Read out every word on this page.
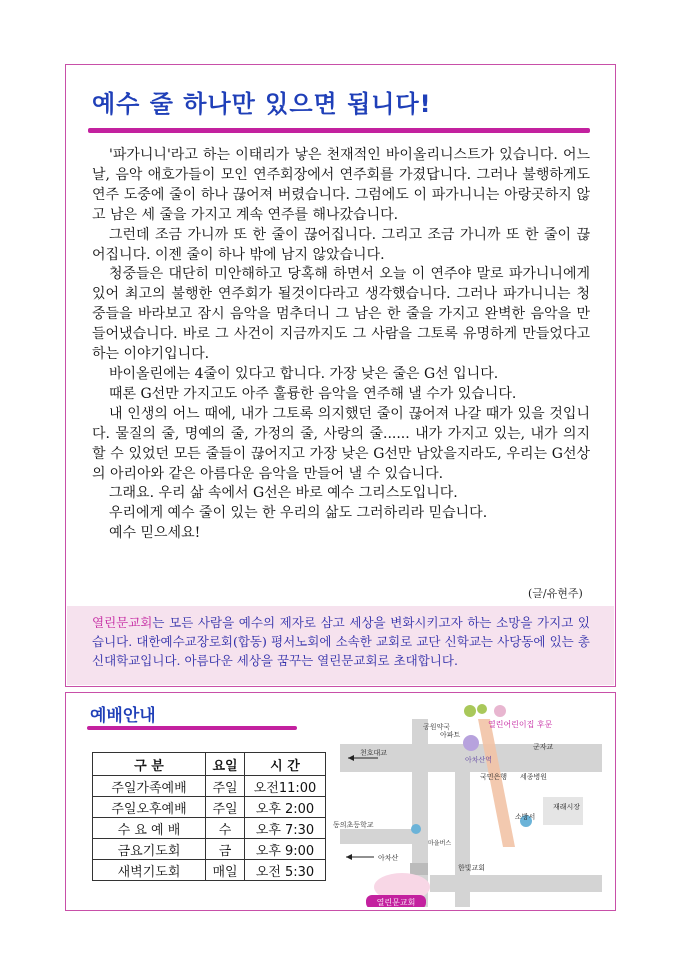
예수 줄 하나만 있으면 됩니다!

'파가니니'라고 하는 이태리가 낳은 천재적인 바이올리니스트가 있습니다. 어느 날, 음악 애호가들이 모인 연주회장에서 연주회를 가졌답니다. 그러나 불행하게도 연주 도중에 줄이 하나 끊어져 버렸습니다. 그럼에도 이 파가니니는 아랑곳하지 않고 남은 세 줄을 가지고 계속 연주를 해나갔습니다.

그런데 조금 가니까 또 한 줄이 끊어집니다. 그리고 조금 가니까 또 한 줄이 끊어집니다. 이젠 줄이 하나 밖에 남지 않았습니다.

청중들은 대단히 미안해하고 당혹해 하면서 오늘 이 연주야 말로 파가니니에게 있어 최고의 불행한 연주회가 될것이다라고 생각했습니다. 그러나 파가니니는 청중들을 바라보고 잠시 음악을 멈추더니 그 남은 한 줄을 가지고 완벽한 음악을 만들어냈습니다. 바로 그 사건이 지금까지도 그 사람을 그토록 유명하게 만들었다고 하는 이야기입니다.

바이올린에는 4줄이 있다고 합니다. 가장 낮은 줄은 G선 입니다.

때론 G선만 가지고도 아주 훌륭한 음악을 연주해 낼 수가 있습니다.

내 인생의 어느 때에, 내가 그토록 의지했던 줄이 끊어져 나갈 때가 있을 것입니다. 물질의 줄, 명예의 줄, 가정의 줄, 사랑의 줄...... 내가 가지고 있는, 내가 의지 할 수 있었던 모든 줄들이 끊어지고 가장 낮은 G선만 남았을지라도, 우리는 G선상의 아리아와 같은 아름다운 음악을 만들어 낼 수 있습니다.

그래요. 우리 삶 속에서 G선은 바로 예수 그리스도입니다.

우리에게 예수 줄이 있는 한 우리의 삶도 그러하리라 믿습니다.

예수 믿으세요!

(글/유현주)
열린문교회는 모든 사람을 예수의 제자로 삼고 세상을 변화시키고자 하는 소망을 가지고 있습니다. 대한예수교장로회(합동) 평서노회에 소속한 교회로 교단 신학교는 사당동에 있는 총신대학교입니다. 아름다운 세상을 꿈꾸는 열린문교회로 초대합니다.
예배안내
구 분	요일	시 간
주일가족예배	주일	오전11:00
주일오후예배	주일	오후 2:00
수 요 예 배	수	오후 7:30
금요기도회	금	오후 9:00
새벽기도회	매일	오전 5:30
열린문교회
열린어린이집 후문
공원약국
천호대교
군자교
아차산
동의초등학교
소방서
재래시장
아차산역
국민은행 세종병원
마을버스
한빛교회
아파트
